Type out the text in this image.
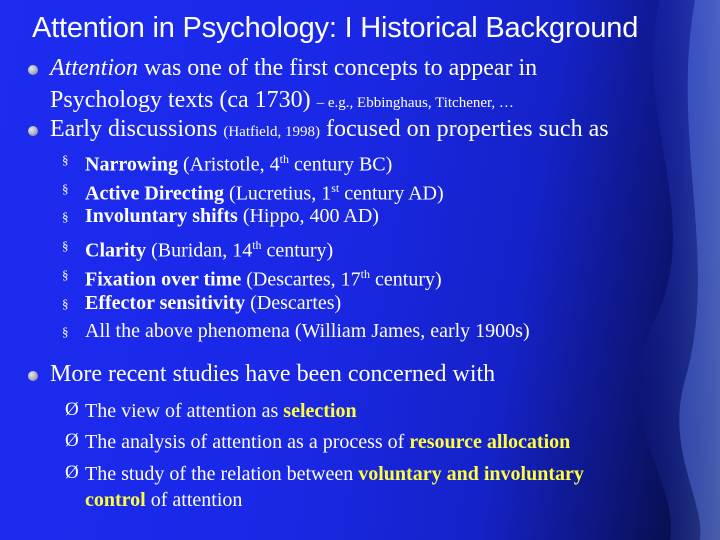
Attention in Psychology: I Historical Background
Attention was one of the first concepts to appear in
Psychology texts (ca 1730) – e.g., Ebbinghaus, Titchener, …
Early discussions (Hatfield, 1998) focused on properties such as
§ Narrowing (Aristotle, 4th century BC)
§ Active Directing (Lucretius, 1st century AD)
§ Involuntary shifts (Hippo, 400 AD)
§ Clarity (Buridan, 14th century)
§ Fixation over time (Descartes, 17th century)
§ Effector sensitivity (Descartes)
§ All the above phenomena (William James, early 1900s)
More recent studies have been concerned with
Ø The view of attention as selection
Ø The analysis of attention as a process of resource allocation
Ø The study of the relation between voluntary and involuntary
control of attention
